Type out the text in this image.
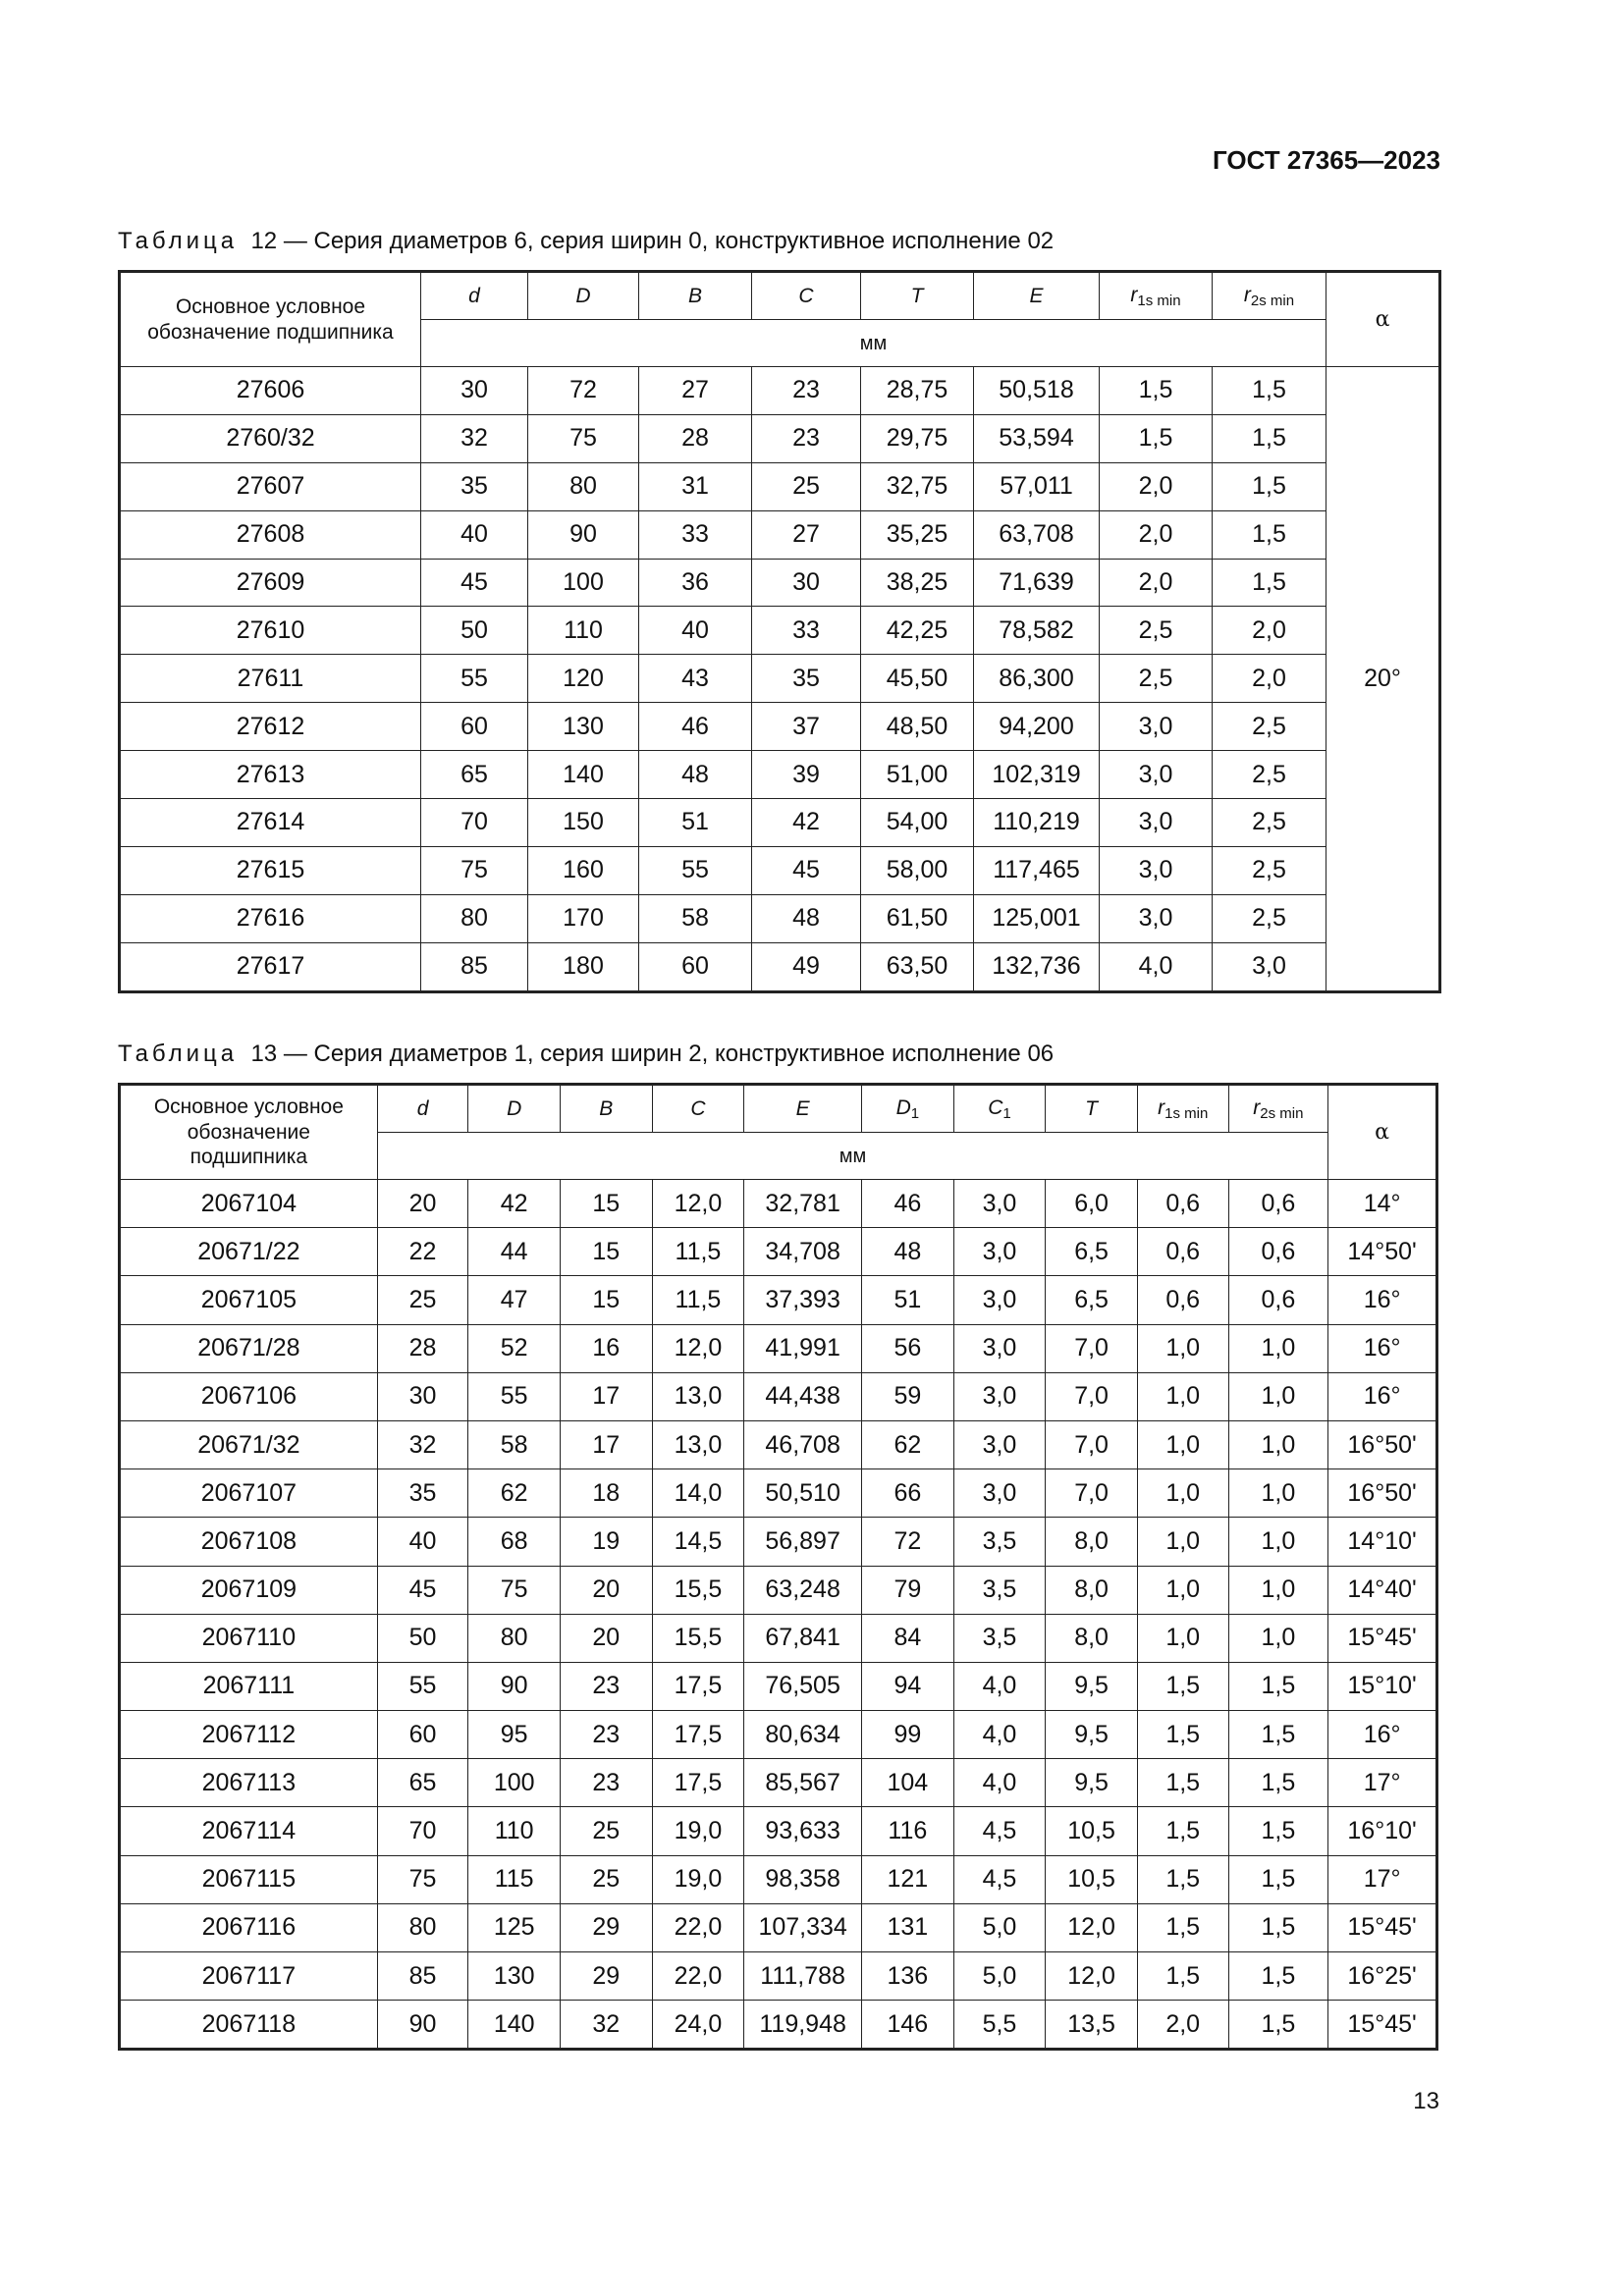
ГОСТ 27365—2023
Таблица 12 — Серия диаметров 6, серия ширин 0, конструктивное исполнение 02
Основное условное
обозначение подшипника	d	D	B	C	T	E	$r_{1s min}$	$r_{2s min}$	α
	мм								
27606	30	72	27	23	28,75	50,518	1,5	1,5	20°
2760/32	32	75	28	23	29,75	53,594	1,5	1,5	
27607	35	80	31	25	32,75	57,011	2,0	1,5	
27608	40	90	33	27	35,25	63,708	2,0	1,5	
27609	45	100	36	30	38,25	71,639	2,0	1,5	
27610	50	110	40	33	42,25	78,582	2,5	2,0	
27611	55	120	43	35	45,50	86,300	2,5	2,0	
27612	60	130	46	37	48,50	94,200	3,0	2,5	
27613	65	140	48	39	51,00	102,319	3,0	2,5	
27614	70	150	51	42	54,00	110,219	3,0	2,5	
27615	75	160	55	45	58,00	117,465	3,0	2,5	
27616	80	170	58	48	61,50	125,001	3,0	2,5	
27617	85	180	60	49	63,50	132,736	4,0	3,0	
Таблица 13 — Серия диаметров 1, серия ширин 2, конструктивное исполнение 06
Основное условное
обозначение
подшипника	d	D	B	C	E	$D_1$	$C_1$	T	$r_{1s min}$	$r_{2s min}$	α
	мм										
2067104	20	42	15	12,0	32,781	46	3,0	6,0	0,6	0,6	14°
20671/22	22	44	15	11,5	34,708	48	3,0	6,5	0,6	0,6	14°50'
2067105	25	47	15	11,5	37,393	51	3,0	6,5	0,6	0,6	16°
20671/28	28	52	16	12,0	41,991	56	3,0	7,0	1,0	1,0	16°
2067106	30	55	17	13,0	44,438	59	3,0	7,0	1,0	1,0	16°
20671/32	32	58	17	13,0	46,708	62	3,0	7,0	1,0	1,0	16°50'
2067107	35	62	18	14,0	50,510	66	3,0	7,0	1,0	1,0	16°50'
2067108	40	68	19	14,5	56,897	72	3,5	8,0	1,0	1,0	14°10'
2067109	45	75	20	15,5	63,248	79	3,5	8,0	1,0	1,0	14°40'
2067110	50	80	20	15,5	67,841	84	3,5	8,0	1,0	1,0	15°45'
2067111	55	90	23	17,5	76,505	94	4,0	9,5	1,5	1,5	15°10'
2067112	60	95	23	17,5	80,634	99	4,0	9,5	1,5	1,5	16°
2067113	65	100	23	17,5	85,567	104	4,0	9,5	1,5	1,5	17°
2067114	70	110	25	19,0	93,633	116	4,5	10,5	1,5	1,5	16°10'
2067115	75	115	25	19,0	98,358	121	4,5	10,5	1,5	1,5	17°
2067116	80	125	29	22,0	107,334	131	5,0	12,0	1,5	1,5	15°45'
2067117	85	130	29	22,0	111,788	136	5,0	12,0	1,5	1,5	16°25'
2067118	90	140	32	24,0	119,948	146	5,5	13,5	2,0	1,5	15°45'
13
